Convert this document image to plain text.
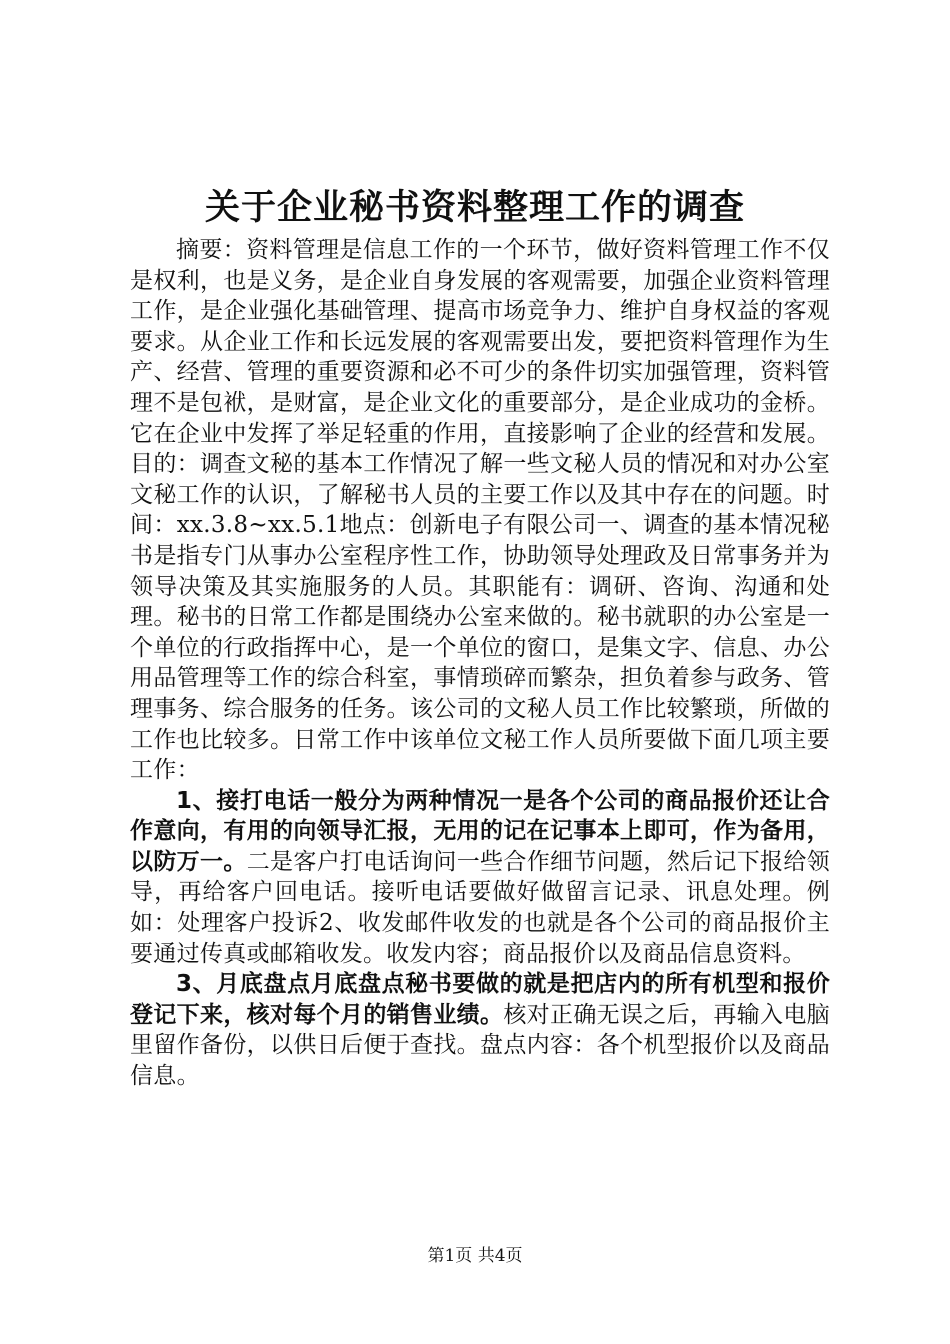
关于企业秘书资料整理工作的调查

摘要：资料管理是信息工作的一个环节，做好资料管理工作不仅是权利，也是义务，是企业自身发展的客观需要，加强企业资料管理工作，是企业强化基础管理、提高市场竞争力、维护自身权益的客观要求。从企业工作和长远发展的客观需要出发，要把资料管理作为生产、经营、管理的重要资源和必不可少的条件切实加强管理，资料管理不是包袱，是财富，是企业文化的重要部分，是企业成功的金桥。它在企业中发挥了举足轻重的作用，直接影响了企业的经营和发展。目的：调查文秘的基本工作情况了解一些文秘人员的情况和对办公室文秘工作的认识，了解秘书人员的主要工作以及其中存在的问题。时间：xx.3.8~xx.5.1地点：创新电子有限公司一、调查的基本情况秘书是指专门从事办公室程序性工作，协助领导处理政及日常事务并为领导决策及其实施服务的人员。其职能有：调研、咨询、沟通和处理。秘书的日常工作都是围绕办公室来做的。秘书就职的办公室是一个单位的行政指挥中心，是一个单位的窗口，是集文字、信息、办公用品管理等工作的综合科室，事情琐碎而繁杂，担负着参与政务、管理事务、综合服务的任务。该公司的文秘人员工作比较繁琐，所做的工作也比较多。日常工作中该单位文秘工作人员所要做下面几项主要工作：

1、接打电话一般分为两种情况一是各个公司的商品报价还让合作意向，有用的向领导汇报，无用的记在记事本上即可，作为备用，以防万一。二是客户打电话询问一些合作细节问题，然后记下报给领导，再给客户回电话。接听电话要做好做留言记录、讯息处理。例如：处理客户投诉2、收发邮件收发的也就是各个公司的商品报价主要通过传真或邮箱收发。收发内容；商品报价以及商品信息资料。

3、月底盘点月底盘点秘书要做的就是把店内的所有机型和报价登记下来，核对每个月的销售业绩。核对正确无误之后，再输入电脑里留作备份，以供日后便于查找。盘点内容：各个机型报价以及商品信息。

第1页 共4页
